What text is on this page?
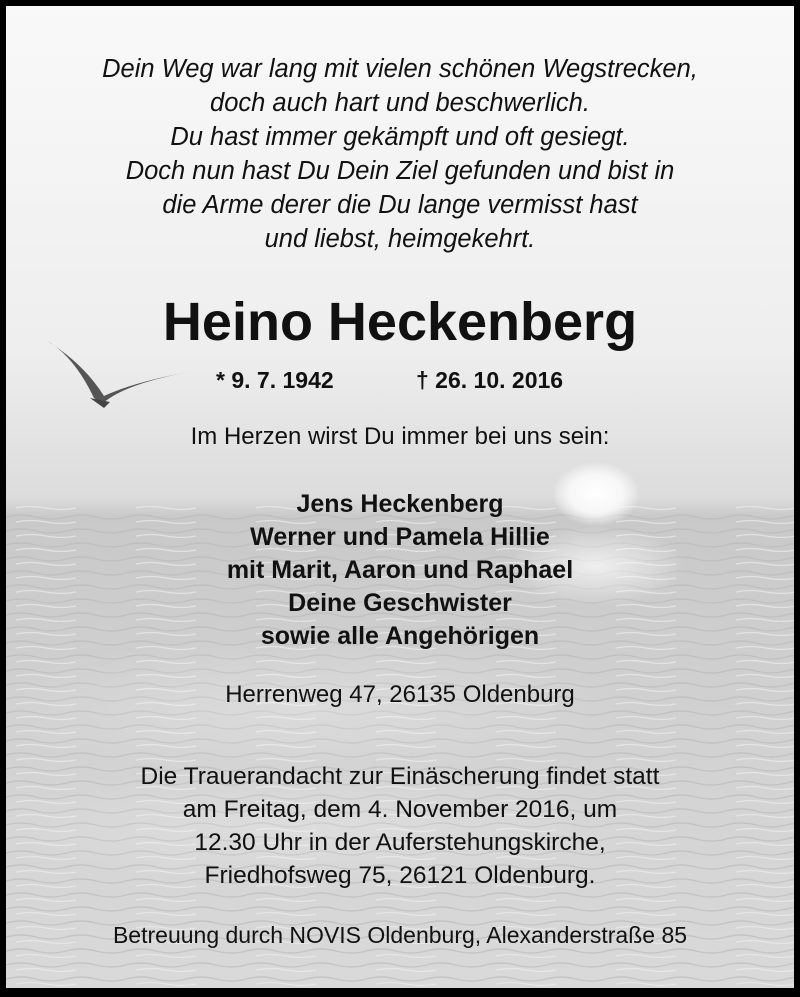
Dein Weg war lang mit vielen schönen Wegstrecken,
doch auch hart und beschwerlich.
Du hast immer gekämpft und oft gesiegt.
Doch nun hast Du Dein Ziel gefunden und bist in
die Arme derer die Du lange vermisst hast
und liebst, heimgekehrt.
Heino Heckenberg
* 9. 7. 1942	† 26. 10. 2016
Im Herzen wirst Du immer bei uns sein:
Jens Heckenberg
Werner und Pamela Hillie
mit Marit, Aaron und Raphael
Deine Geschwister
sowie alle Angehörigen
Herrenweg 47, 26135 Oldenburg
Die Trauerandacht zur Einäscherung findet statt
am Freitag, dem 4. November 2016, um
12.30 Uhr in der Auferstehungskirche,
Friedhofsweg 75, 26121 Oldenburg.
Betreuung durch NOVIS Oldenburg, Alexanderstraße 85
